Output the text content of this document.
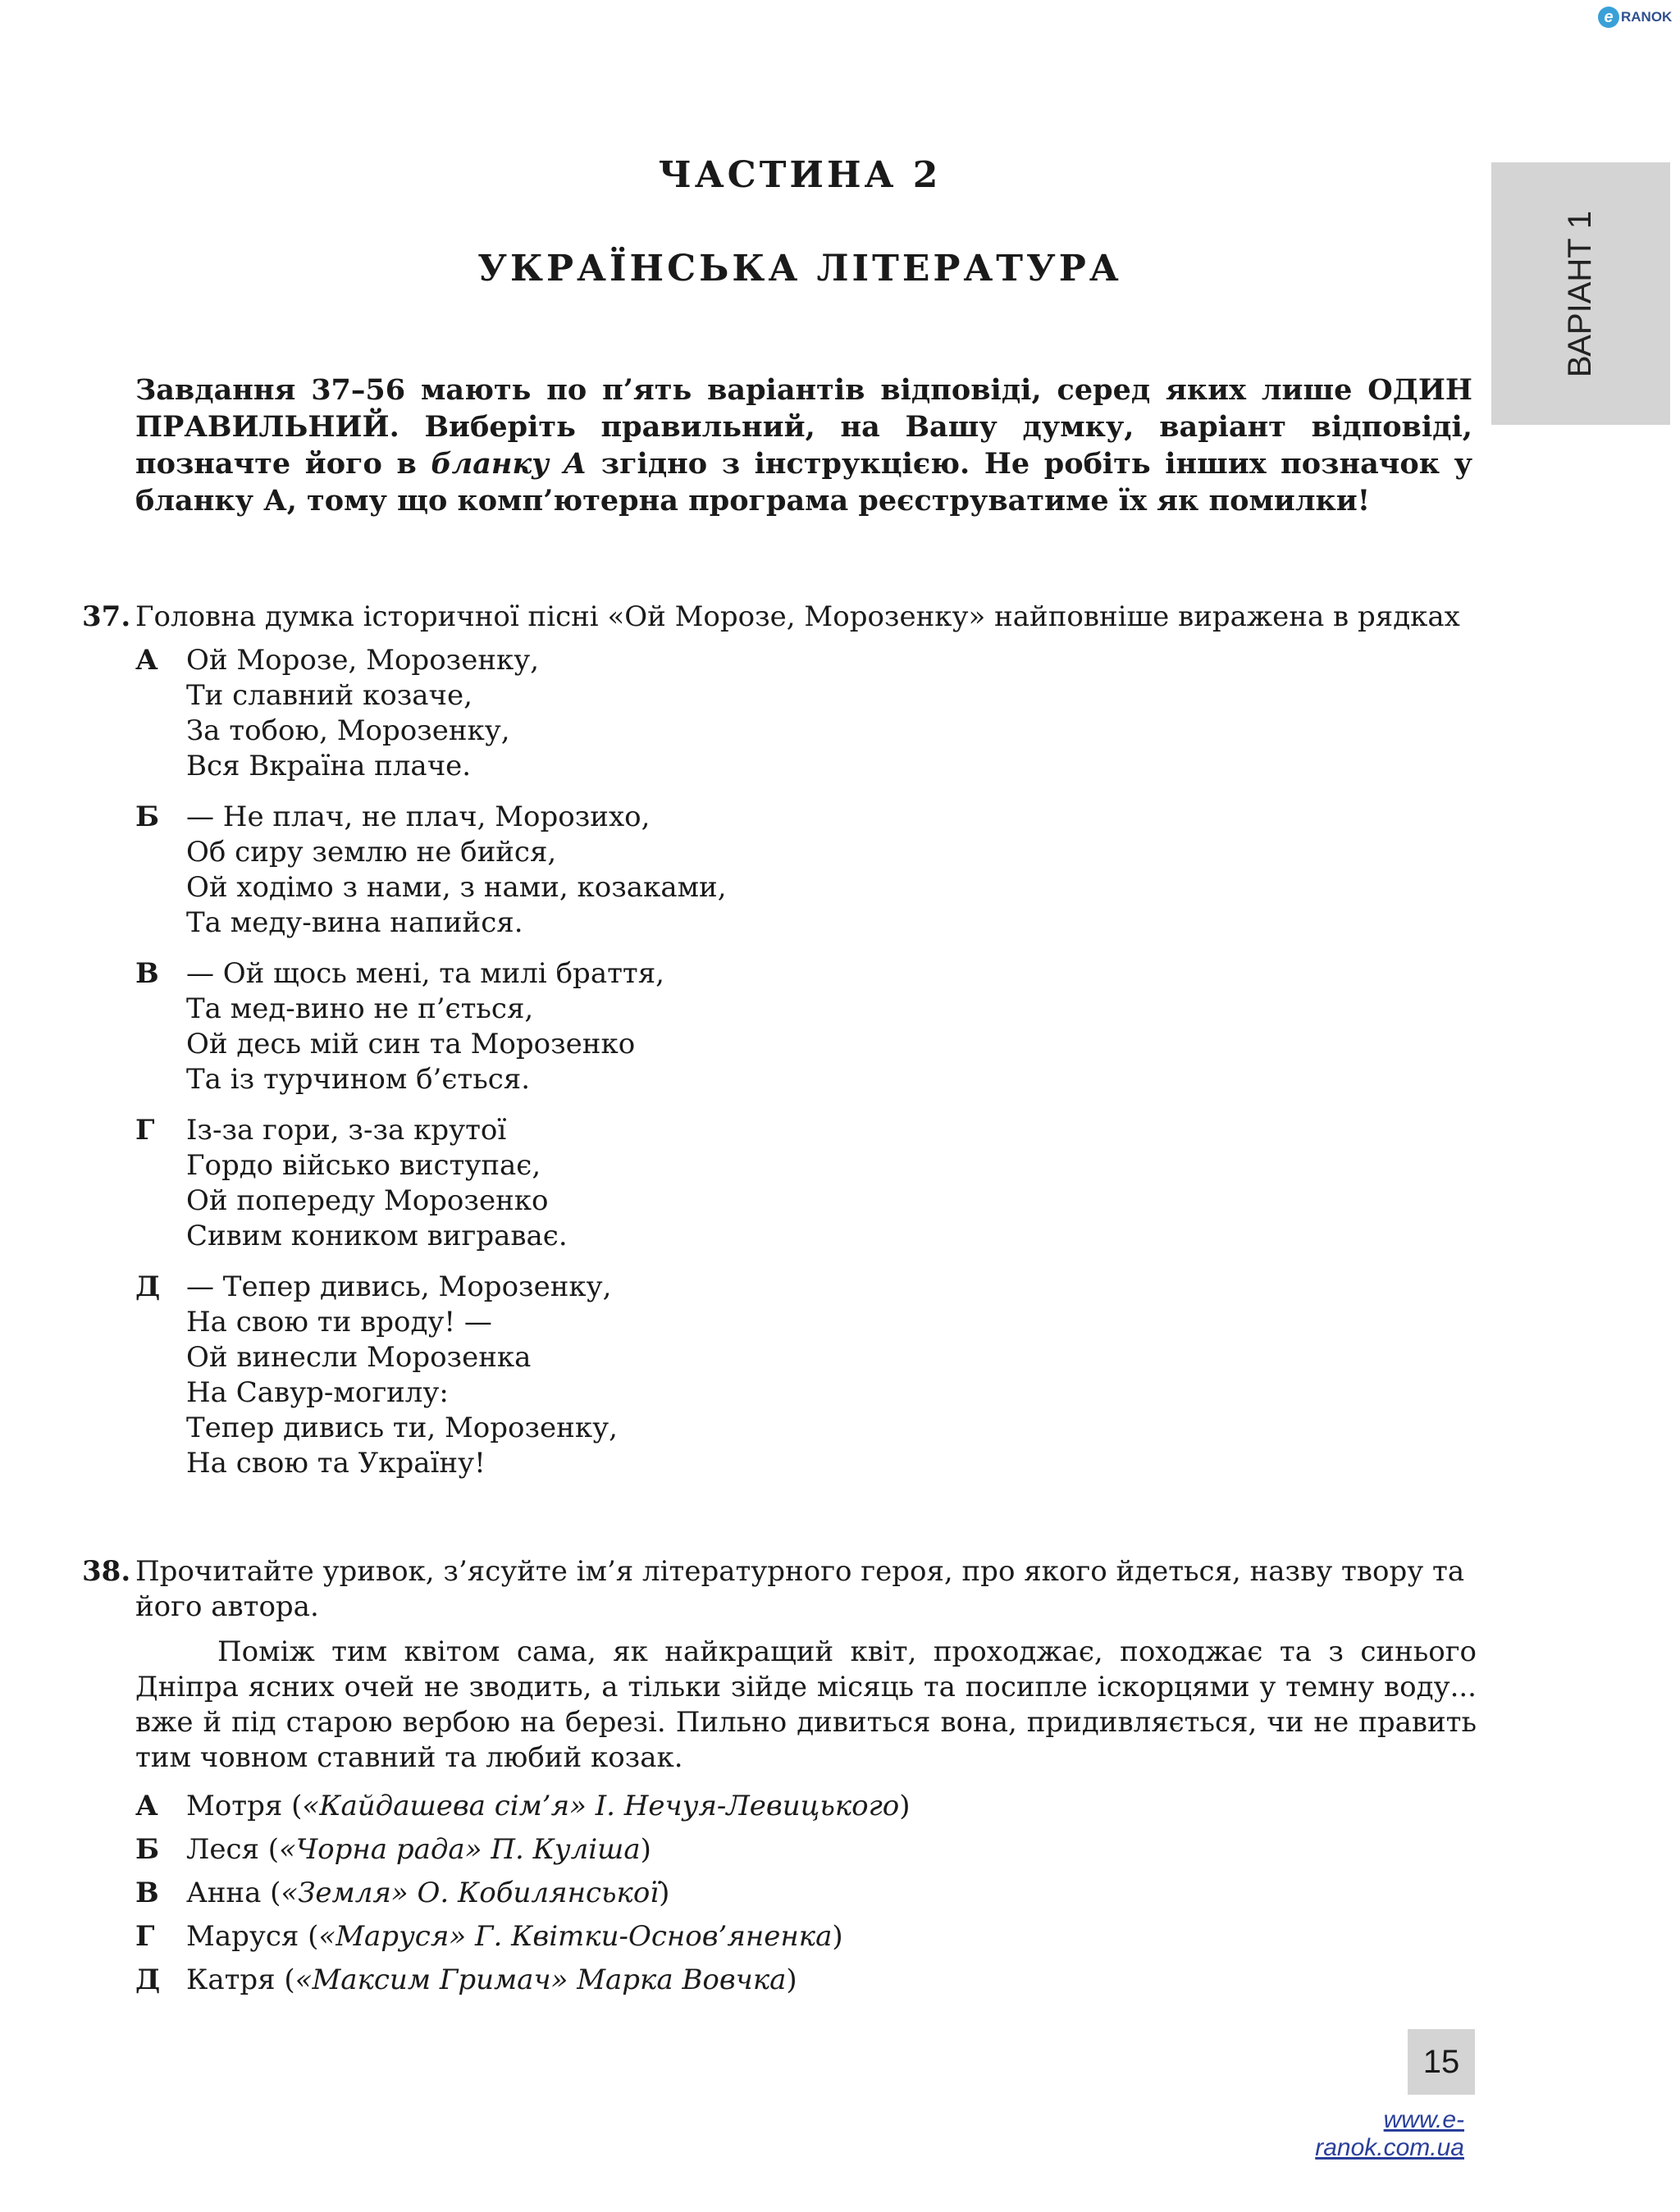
e RANOK
ВАРІАНТ 1
ЧАСТИНА 2
УКРАЇНСЬКА ЛІТЕРАТУРА
Завдання 37–56 мають по п’ять варіантів відповіді, серед яких лише ОДИН ПРАВИЛЬНИЙ. Виберіть правильний, на Вашу думку, варіант відповіді, позначте його в бланку А згідно з інструкцією. Не робіть інших позначок у бланку А, тому що комп’ютерна програма реєструватиме їх як помилки!
37. Головна думка історичної пісні «Ой Морозе, Морозенку» найповніше виражена в рядках
А	Ой Морозе, Морозенку,
Ти славний козаче,
За тобою, Морозенку,
Вся Вкраїна плаче.
Б — Не плач, не плач, Морозихо,
Об сиру землю не бийся,
Ой ходімо з нами, з нами, козаками,
Та меду-вина напийся.
В — Ой щось мені, та милі браття,
Та мед-вино не п’ється,
Ой десь мій син та Морозенко
Та із турчином б’ється.
Г	Із-за гори, з-за крутої
Гордо військо виступає,
Ой попереду Морозенко
Сивим коником виграває.
Д — Тепер дивись, Морозенку,
На свою ти вроду! —
Ой винесли Морозенка
На Савур-могилу:
Тепер дивись ти, Морозенку,
На свою та Україну!
38. Прочитайте уривок, з’ясуйте ім’я літературного героя, про якого йдеться, назву твору та його автора.
Поміж тим квітом сама, як найкращий квіт, проходжає, походжає та з синього Дніпра ясних очей не зводить, а тільки зійде місяць та посипле іскорцями у темну воду... вже й під старою вербою на березі. Пильно дивиться вона, придивляється, чи не править тим човном ставний та любий козак.
А	Мотря («Кайдашева сім’я» І. Нечуя-Левицького)
Б Леся («Чорна рада» П. Куліша)
В Анна («Земля» О. Кобилянської)
Г	Маруся («Маруся» Г. Квітки-Основ’яненка)
Д Катря («Максим Гримач» Марка Вовчка)
15
www.e-ranok.com.ua
